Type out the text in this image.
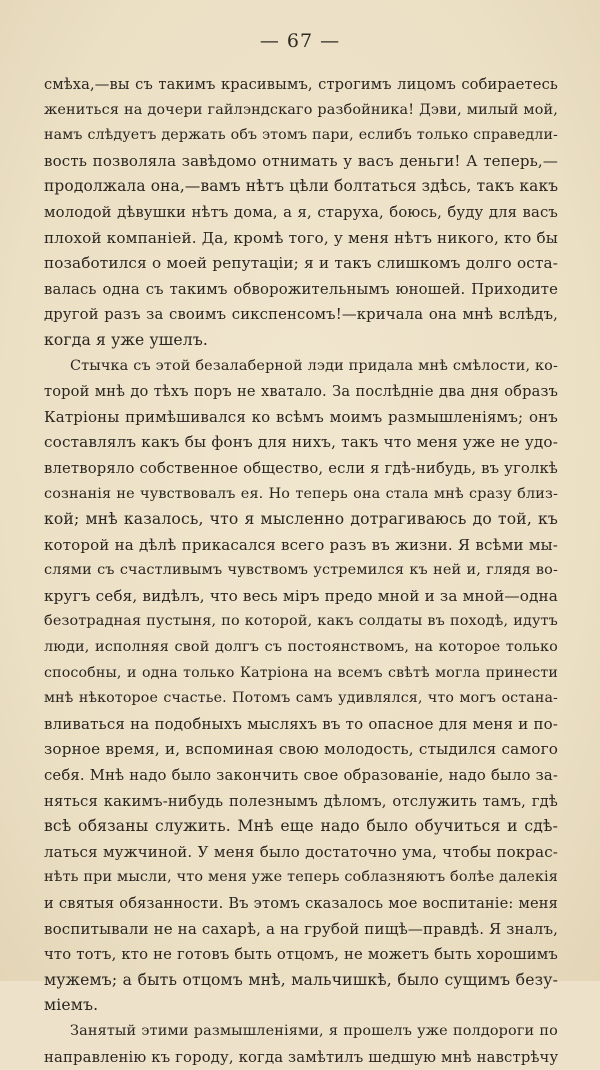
— 67 —
смѣха,—вы съ такимъ красивымъ, строгимъ лицомъ собираетесь
жениться на дочери гайлэндскаго разбойника! Дэви, милый мой,
намъ слѣдуетъ держать объ этомъ пари, еслибъ только справедли-
вость позволяла завѣдомо отнимать у васъ деньги! А теперь,—
продолжала она,—вамъ нѣтъ цѣли болтаться здѣсь, такъ какъ
молодой дѣвушки нѣтъ дома, а я, старуха, боюсь, буду для васъ
плохой компаніей. Да, кромѣ того, у меня нѣтъ никого, кто бы
позаботился о моей репутаціи; я и такъ слишкомъ долго оста-
валась одна съ такимъ обворожительнымъ юношей. Приходите
другой разъ за своимъ сикспенсомъ!—кричала она мнѣ вслѣдъ,
когда я уже ушелъ.
Стычка съ этой безалаберной лэди придала мнѣ смѣлости, ко-
торой мнѣ до тѣхъ поръ не хватало. За послѣдніе два дня образъ
Катріоны примѣшивался ко всѣмъ моимъ размышленіямъ; онъ
составлялъ какъ бы фонъ для нихъ, такъ что меня уже не удо-
влетворяло собственное общество, если я гдѣ-нибудь, въ уголкѣ
сознанія не чувствовалъ ея. Но теперь она стала мнѣ сразу близ-
кой; мнѣ казалось, что я мысленно дотрагиваюсь до той, къ
которой на дѣлѣ прикасался всего разъ въ жизни. Я всѣми мы-
слями съ счастливымъ чувствомъ устремился къ ней и, глядя во-
кругъ себя, видѣлъ, что весь міръ предо мной и за мной—одна
безотрадная пустыня, по которой, какъ солдаты въ походѣ, идутъ
люди, исполняя свой долгъ съ постоянствомъ, на которое только
способны, и одна только Катріона на всемъ свѣтѣ могла принести
мнѣ нѣкоторое счастье. Потомъ самъ удивлялся, что могъ остана-
вливаться на подобныхъ мысляхъ въ то опасное для меня и по-
зорное время, и, вспоминая свою молодость, стыдился самого
себя. Мнѣ надо было закончить свое образованіе, надо было за-
няться какимъ-нибудь полезнымъ дѣломъ, отслужить тамъ, гдѣ
всѣ обязаны служить. Мнѣ еще надо было обучиться и сдѣ-
латься мужчиной. У меня было достаточно ума, чтобы покрас-
нѣть при мысли, что меня уже теперь соблазняютъ болѣе далекія
и святыя обязанности. Въ этомъ сказалось мое воспитаніе: меня
воспитывали не на сахарѣ, а на грубой пищѣ—правдѣ. Я зналъ,
что тотъ, кто не готовъ быть отцомъ, не можетъ быть хорошимъ
мужемъ; а быть отцомъ мнѣ, мальчишкѣ, было сущимъ безу-
міемъ.
Занятый этими размышленіями, я прошелъ уже полдороги по
направленію къ городу, когда замѣтилъ шедшую мнѣ навстрѣчу
